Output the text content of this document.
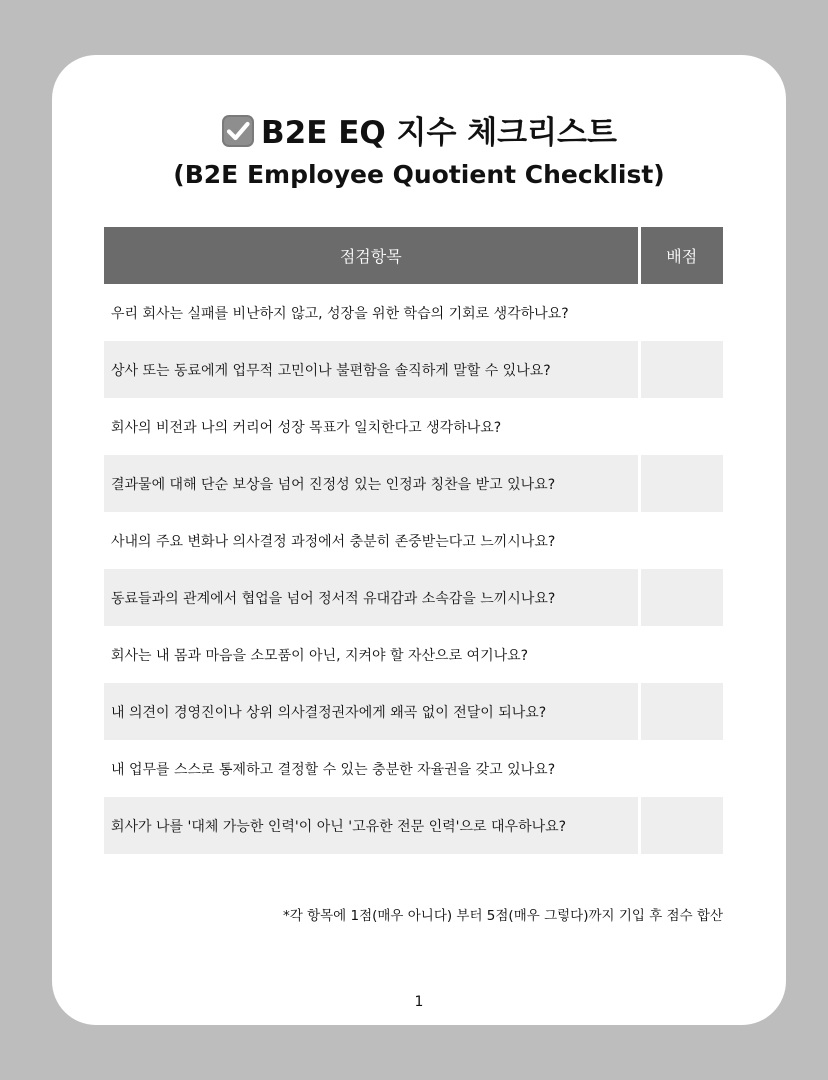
B2E EQ 지수 체크리스트
(B2E Employee Quotient Checklist)
점검항목	배점
우리 회사는 실패를 비난하지 않고, 성장을 위한 학습의 기회로 생각하나요?	
상사 또는 동료에게 업무적 고민이나 불편함을 솔직하게 말할 수 있나요?	
회사의 비전과 나의 커리어 성장 목표가 일치한다고 생각하나요?	
결과물에 대해 단순 보상을 넘어 진정성 있는 인정과 칭찬을 받고 있나요?	
사내의 주요 변화나 의사결정 과정에서 충분히 존중받는다고 느끼시나요?	
동료들과의 관계에서 협업을 넘어 정서적 유대감과 소속감을 느끼시나요?	
회사는 내 몸과 마음을 소모품이 아닌, 지켜야 할 자산으로 여기나요?	
내 의견이 경영진이나 상위 의사결정권자에게 왜곡 없이 전달이 되나요?	
내 업무를 스스로 통제하고 결정할 수 있는 충분한 자율권을 갖고 있나요?	
회사가 나를 '대체 가능한 인력'이 아닌 '고유한 전문 인력'으로 대우하나요?	
*각 항목에 1점(매우 아니다) 부터 5점(매우 그렇다)까지 기입 후 점수 합산
1
